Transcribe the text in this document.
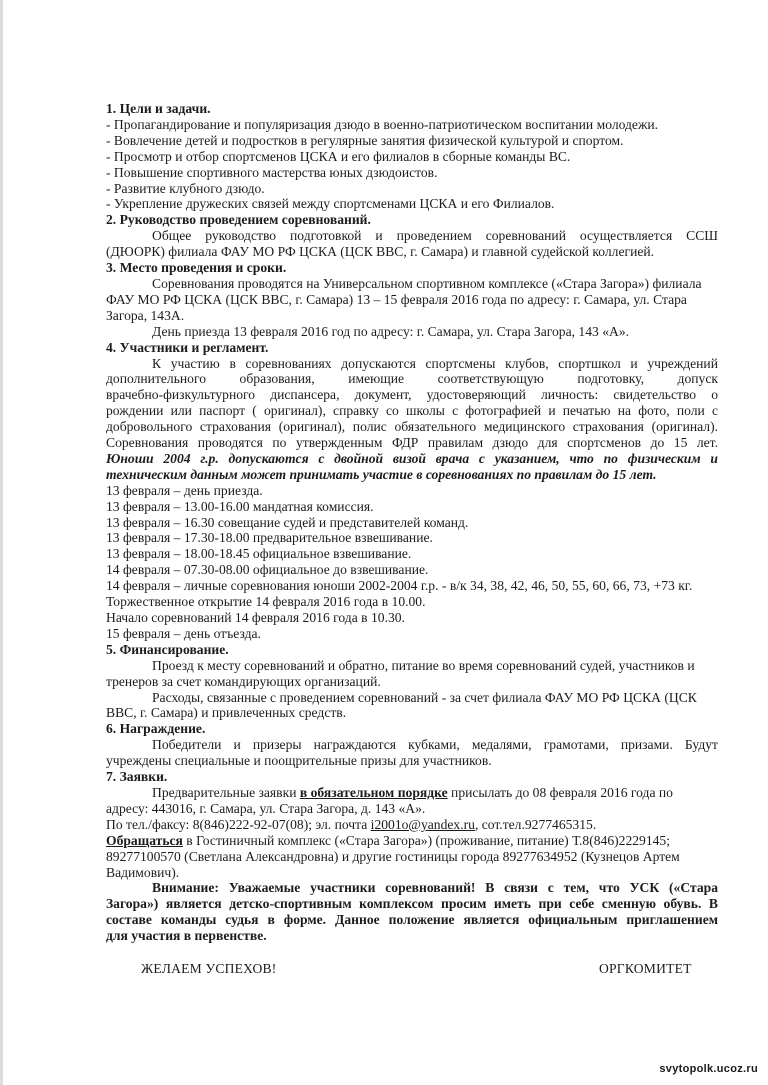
1. Цели и задачи.
- Пропагандирование и популяризация дзюдо в военно-патриотическом воспитании молодежи.
- Вовлечение детей и подростков в регулярные занятия физической культурой и спортом.
- Просмотр и отбор спортсменов ЦСКА и его филиалов в сборные команды ВС.
- Повышение спортивного мастерства юных дзюдоистов.
- Развитие клубного дзюдо.
- Укрепление дружеских связей между спортсменами ЦСКА и его Филиалов.
2. Руководство проведением соревнований.
Общее руководство подготовкой и проведением соревнований осуществляется ССШ
(ДЮОРК) филиала ФАУ МО РФ ЦСКА (ЦСК ВВС, г. Самара) и главной судейской коллегией.
3. Место проведения и сроки.
Соревнования проводятся на Универсальном спортивном комплексе («Стара Загора») филиала
ФАУ МО РФ ЦСКА (ЦСК ВВС, г. Самара) 13 – 15 февраля 2016 года по адресу: г. Самара, ул. Стара
Загора, 143А.
День приезда 13 февраля 2016 год по адресу: г. Самара, ул. Стара Загора, 143 «А».
4. Участники и регламент.
К участию в соревнованиях допускаются спортсмены клубов, спортшкол и учреждений
дополнительного образования, имеющие соответствующую подготовку, допуск
врачебно-физкультурного диспансера, документ, удостоверяющий личность: свидетельство о
рождении или паспорт ( оригинал), справку со школы с фотографией и печатью на фото, поли с
добровольного страхования (оригинал), полис обязательного медицинского страхования (оригинал).
Соревнования проводятся по утвержденным ФДР правилам дзюдо для спортсменов до 15 лет.
Юноши 2004 г.р. допускаются с двойной визой врача с указанием, что по физическим и
техническим данным может принимать участие в соревнованиях по правилам до 15 лет.
13 февраля – день приезда.
13 февраля – 13.00-16.00 мандатная комиссия.
13 февраля – 16.30 совещание судей и представителей команд.
13 февраля – 17.30-18.00 предварительное взвешивание.
13 февраля – 18.00-18.45 официальное взвешивание.
14 февраля – 07.30-08.00 официальное до взвешивание.
14 февраля – личные соревнования юноши 2002-2004 г.р. - в/к 34, 38, 42, 46, 50, 55, 60, 66, 73, +73 кг.
Торжественное открытие 14 февраля 2016 года в 10.00.
Начало соревнований 14 февраля 2016 года в 10.30.
15 февраля – день отъезда.
5. Финансирование.
Проезд к месту соревнований и обратно, питание во время соревнований судей, участников и
тренеров за счет командирующих организаций.
Расходы, связанные с проведением соревнований - за счет филиала ФАУ МО РФ ЦСКА (ЦСК
ВВС, г. Самара) и привлеченных средств.
6. Награждение.
Победители и призеры награждаются кубками, медалями, грамотами, призами. Будут
учреждены специальные и поощрительные призы для участников.
7. Заявки.
Предварительные заявки в обязательном порядке присылать до 08 февраля 2016 года по
адресу: 443016, г. Самара, ул. Стара Загора, д. 143 «А».
По тел./факсу: 8(846)222-92-07(08); эл. почта i2001o@yandex.ru, сот.тел.9277465315.
Обращаться в Гостиничный комплекс («Стара Загора») (проживание, питание) Т.8(846)2229145;
89277100570 (Светлана Александровна) и другие гостиницы города 89277634952 (Кузнецов Артем
Вадимович).
Внимание: Уважаемые участники соревнований! В связи с тем, что УСК («Стара
Загора») является детско-спортивным комплексом просим иметь при себе сменную обувь. В
составе команды судья в форме. Данное положение является официальным приглашением
для участия в первенстве.
ЖЕЛАЕМ УСПЕХОВ!	ОРГКОМИТЕТ
svytopolk.ucoz.ru
